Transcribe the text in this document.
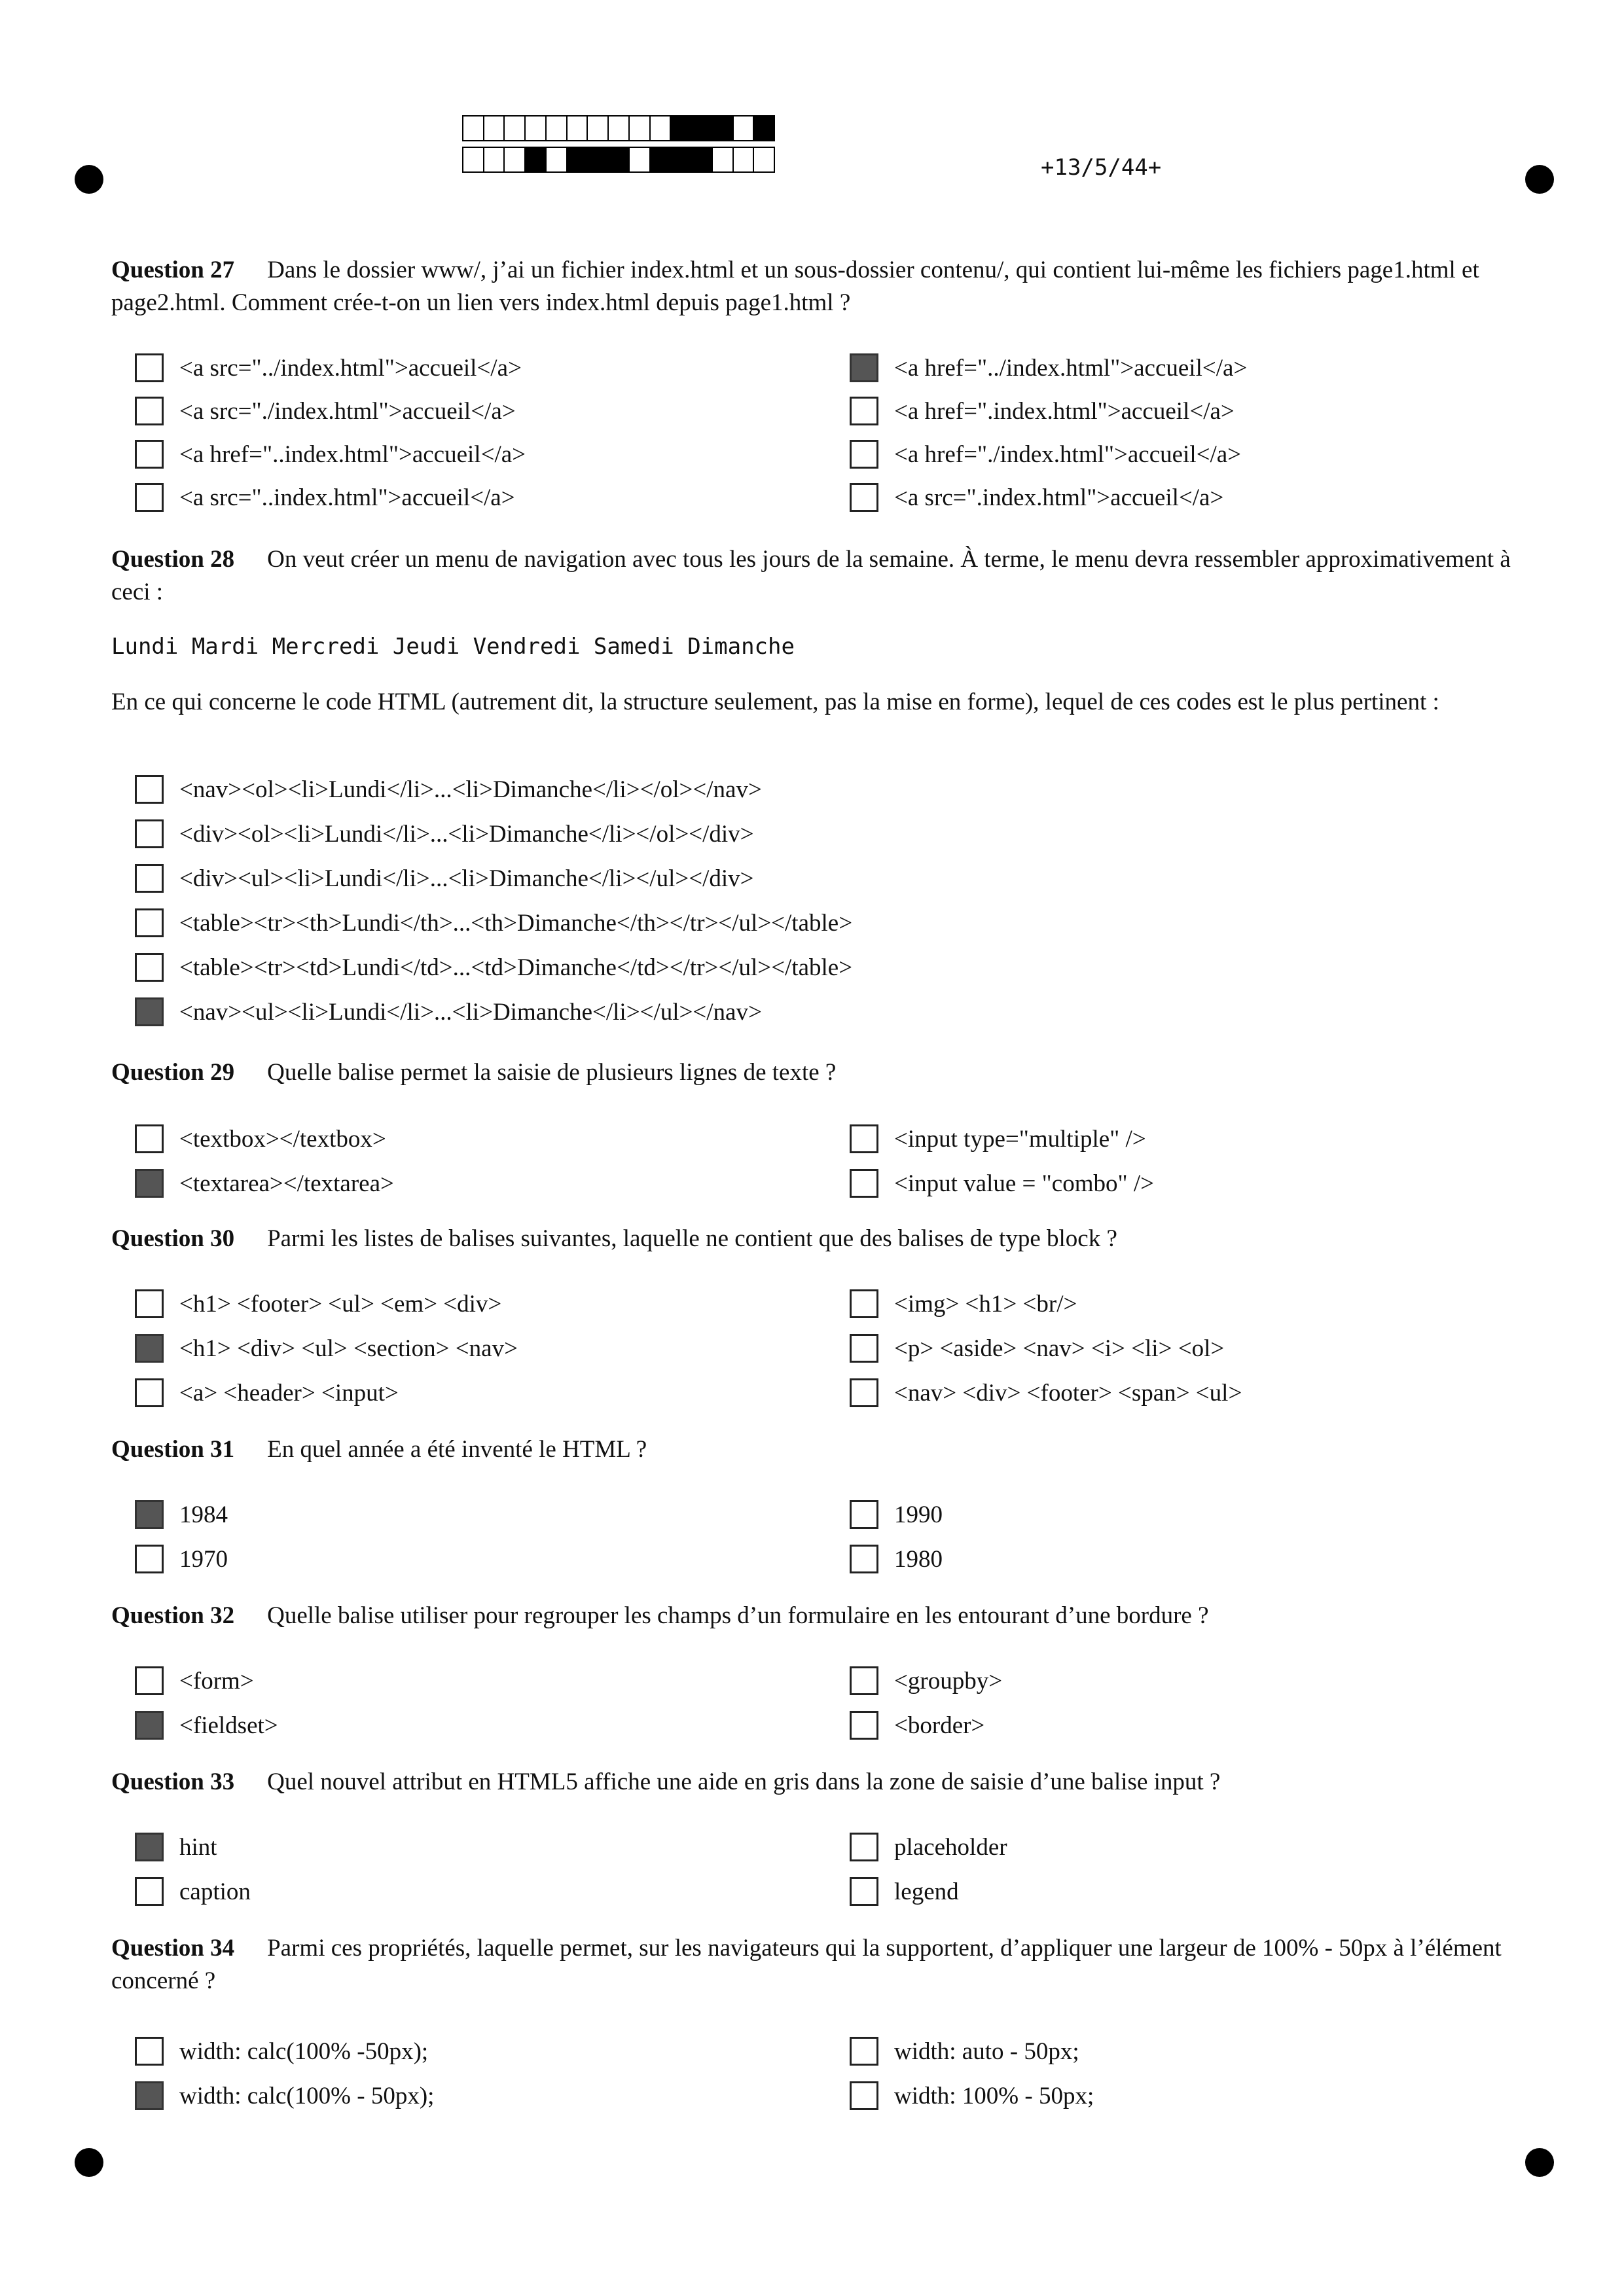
+13/5/44+
Question 27 Dans le dossier www/, j’ai un fichier index.html et un sous-dossier contenu/, qui contient lui-même les fichiers page1.html et page2.html. Comment crée-t-on un lien vers index.html depuis page1.html ?
<a src="../index.html">accueil</a>	<a href="../index.html">accueil</a>
<a src="./index.html">accueil</a>	<a href=".index.html">accueil</a>
<a href="..index.html">accueil</a>	<a href="./index.html">accueil</a>
<a src="..index.html">accueil</a>	<a src=".index.html">accueil</a>
Question 28 On veut créer un menu de navigation avec tous les jours de la semaine. À terme, le menu devra ressembler approximativement à ceci :
Lundi Mardi Mercredi Jeudi Vendredi Samedi Dimanche
En ce qui concerne le code HTML (autrement dit, la structure seulement, pas la mise en forme), lequel de ces codes est le plus pertinent :
<nav><ol><li>Lundi</li>...<li>Dimanche</li></ol></nav>
<div><ol><li>Lundi</li>...<li>Dimanche</li></ol></div>
<div><ul><li>Lundi</li>...<li>Dimanche</li></ul></div>
<table><tr><th>Lundi</th>...<th>Dimanche</th></tr></ul></table>
<table><tr><td>Lundi</td>...<td>Dimanche</td></tr></ul></table>
<nav><ul><li>Lundi</li>...<li>Dimanche</li></ul></nav>
Question 29 Quelle balise permet la saisie de plusieurs lignes de texte ?
<textbox></textbox>	<input type="multiple" />
<textarea></textarea>	<input value = "combo" />
Question 30 Parmi les listes de balises suivantes, laquelle ne contient que des balises de type block ?
<h1> <footer> <ul> <em> <div>	<img> <h1> <br/>
<h1> <div> <ul> <section> <nav>	<p> <aside> <nav> <i> <li> <ol>
<a> <header> <input>	<nav> <div> <footer> <span> <ul>
Question 31 En quel année a été inventé le HTML ?
1984	1990
1970	1980
Question 32 Quelle balise utiliser pour regrouper les champs d’un formulaire en les entourant d’une bordure ?
<form>	<groupby>
<fieldset>	<border>
Question 33 Quel nouvel attribut en HTML5 affiche une aide en gris dans la zone de saisie d’une balise input ?
hint	placeholder
caption	legend
Question 34 Parmi ces propriétés, laquelle permet, sur les navigateurs qui la supportent, d’appliquer une largeur de 100% - 50px à l’élément concerné ?
width: calc(100% -50px);	width: auto - 50px;
width: calc(100% - 50px);	width: 100% - 50px;
